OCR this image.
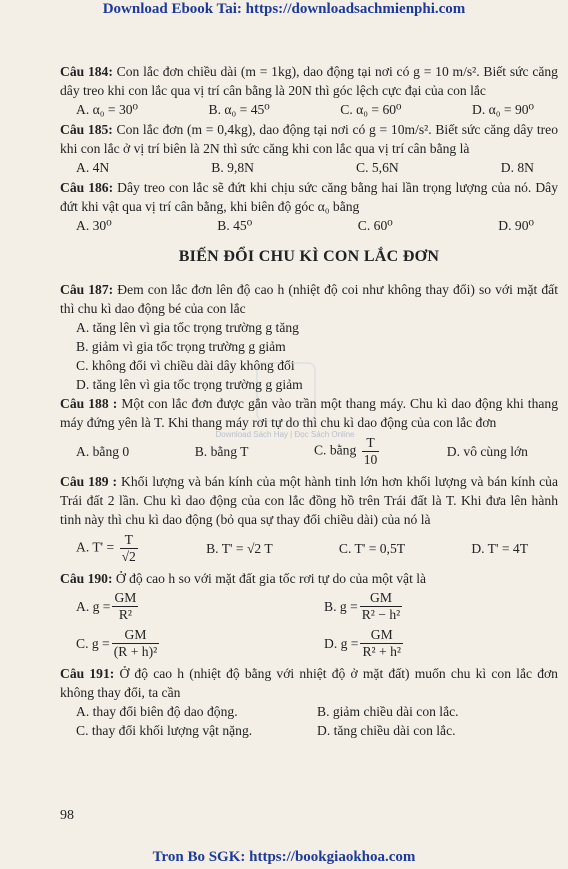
Download Ebook Tai: https://downloadsachmienphi.com
Download Sách Hay | Đọc Sách Online

Câu 184: Con lắc đơn chiều dài (m = 1kg), dao động tại nơi có g = 10 m/s². Biết sức căng dây treo khi con lắc qua vị trí cân bằng là 20N thì góc lệch cực đại của con lắc

A. α₀ = 30⁰	B. α₀ = 45⁰	C. α₀ = 60⁰	D. α₀ = 90⁰

Câu 185: Con lắc đơn (m = 0,4kg), dao động tại nơi có g = 10m/s². Biết sức căng dây treo khi con lắc ở vị trí biên là 2N thì sức căng khi con lắc qua vị trí cân bằng là

A. 4N	B. 9,8N	C. 5,6N	D. 8N

Câu 186: Dây treo con lắc sẽ đứt khi chịu sức căng bằng hai lần trọng lượng của nó. Dây đứt khi vật qua vị trí cân bằng, khi biên độ góc α₀ bằng

A. 30⁰	B. 45⁰	C. 60⁰	D. 90⁰
BIẾN ĐỔI CHU KÌ CON LẮC ĐƠN

Câu 187: Đem con lắc đơn lên độ cao h (nhiệt độ coi như không thay đổi) so với mặt đất thì chu kì dao động bé của con lắc

A. tăng lên vì gia tốc trọng trường g tăng

B. giảm vì gia tốc trọng trường g giảm

C. không đổi vì chiều dài dây không đổi

D. tăng lên vì gia tốc trọng trường g giảm

Câu 188 : Một con lắc đơn được gắn vào trần một thang máy. Chu kì dao động khi thang máy đứng yên là T. Khi thang máy rơi tự do thì chu kì dao động của con lắc đơn

A. bằng 0	B. bằng T	C. bằng $\frac{T}{10}$	D. vô cùng lớn

Câu 189 : Khối lượng và bán kính của một hành tinh lớn hơn khối lượng và bán kính của Trái đất 2 lần. Chu kì dao động của con lắc đồng hồ trên Trái đất là T. Khi đưa lên hành tinh này thì chu kì dao động (bỏ qua sự thay đổi chiều dài) của nó là

A. $T' = \frac{T}{√2}$	B. T' = √2 T	C. T' = 0,5T	D. T' = 4T

Câu 190: Ở độ cao h so với mặt đất gia tốc rơi tự do của một vật là

A. $g = \frac{GM}{\text{R²}}$	B. $g = \frac{GM}{\text{R² − h²}}$
C. $g = \frac{GM}{\text{(R + h)²}}$	D. $g = \frac{GM}{\text{R² + h²}}$

Câu 191: Ở độ cao h (nhiệt độ bằng với nhiệt độ ở mặt đất) muốn chu kì con lắc đơn không thay đổi, ta cần

A. thay đổi biên độ dao động.	B. giảm chiều dài con lắc.
C. thay đổi khối lượng vật nặng.	D. tăng chiều dài con lắc.
98
Tron Bo SGK: https://bookgiaokhoa.com
